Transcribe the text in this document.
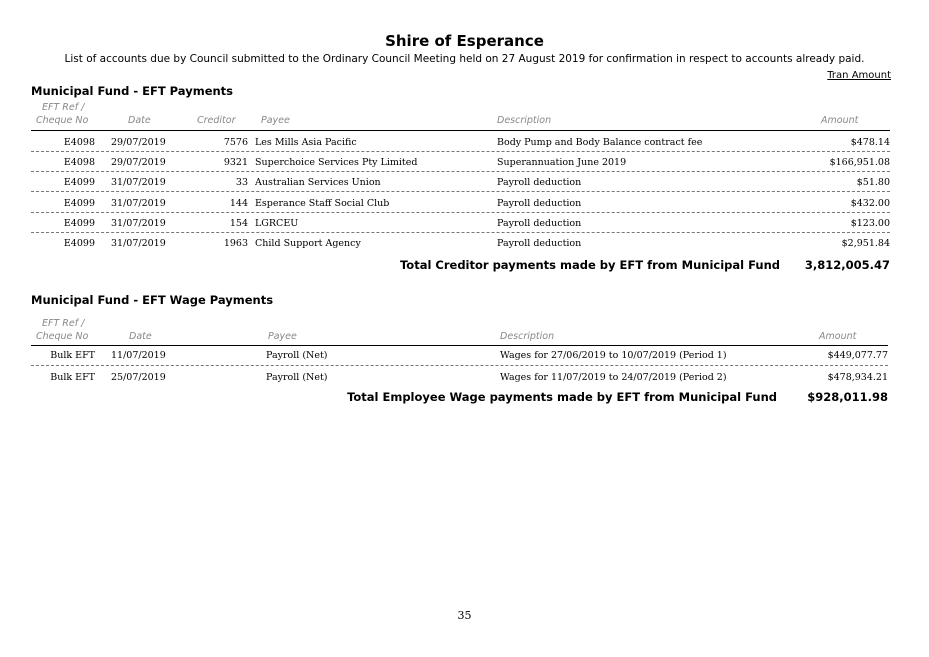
Shire of Esperance
List of accounts due by Council submitted to the Ordinary Council Meeting held on 27 August 2019 for confirmation in respect to accounts already paid.
Tran Amount
Municipal Fund - EFT Payments
EFT Ref /
Cheque No	Date	Creditor	Payee	Description	Amount
E4098 29/07/2019	7576 Les Mills Asia Pacific	Body Pump and Body Balance contract fee	$478.14
E4098 29/07/2019	9321 Superchoice Services Pty Limited	Superannuation June 2019	$166,951.08
E4099 31/07/2019	33 Australian Services Union	Payroll deduction	$51.80
E4099 31/07/2019	144 Esperance Staff Social Club	Payroll deduction	$432.00
E4099 31/07/2019	154 LGRCEU	Payroll deduction	$123.00
E4099 31/07/2019	1963 Child Support Agency	Payroll deduction	$2,951.84
Total Creditor payments made by EFT from Municipal Fund 3,812,005.47
Municipal Fund - EFT Wage Payments
EFT Ref /
Cheque No	Date	Payee	Description	Amount
Bulk EFT 11/07/2019	Payroll (Net)	Wages for 27/06/2019 to 10/07/2019 (Period 1)	$449,077.77
Bulk EFT 25/07/2019	Payroll (Net)	Wages for 11/07/2019 to 24/07/2019 (Period 2)	$478,934.21
Total Employee Wage payments made by EFT from Municipal Fund	$928,011.98
35
